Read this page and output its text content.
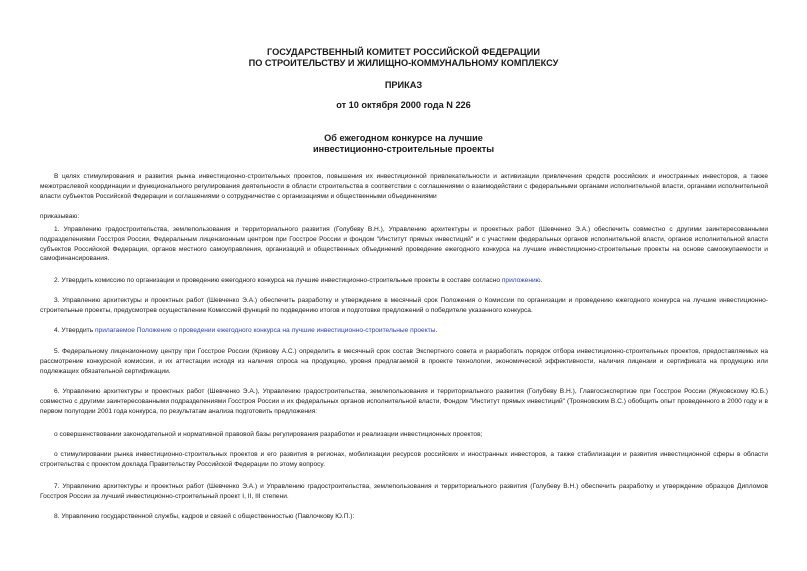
ГОСУДАРСТВЕННЫЙ КОМИТЕТ РОССИЙСКОЙ ФЕДЕРАЦИИ
ПО СТРОИТЕЛЬСТВУ И ЖИЛИЩНО-КОММУНАЛЬНОМУ КОМПЛЕКСУ
ПРИКАЗ
от 10 октября 2000 года N 226
Об ежегодном конкурсе на лучшие
инвестиционно-строительные проекты

В целях стимулирования и развития рынка инвестиционно-строительных проектов, повышения их инвестиционной привлекательности и активизации привлечения средств российских и иностранных инвесторов, а также межотраслевой координации и функционального регулирования деятельности в области строительства в соответствии с соглашениями о взаимодействии с федеральными органами исполнительной власти, органами исполнительной власти субъектов Российской Федерации и соглашениями о сотрудничестве с организациями и общественными объединениями

приказываю:

1. Управлению градостроительства, землепользования и территориального развития (Голубеву В.Н.), Управлению архитектуры и проектных работ (Шевченко Э.А.) обеспечить совместно с другими заинтересованными подразделениями Госстроя России, Федеральным лицензионным центром при Госстрое России и фондом "Институт прямых инвестиций" и с участием федеральных органов исполнительной власти, органов исполнительной власти субъектов Российской Федерации, органов местного самоуправления, организаций и общественных объединений проведение ежегодного конкурса на лучшие инвестиционно-строительные проекты на основе самоокупаемости и самофинансирования.

2. Утвердить комиссию по организации и проведению ежегодного конкурса на лучшие инвестиционно-строительные проекты в составе согласно приложению.

3. Управлению архитектуры и проектных работ (Шевченко Э.А.) обеспечить разработку и утверждение в месячный срок Положения о Комиссии по организации и проведению ежегодного конкурса на лучшие инвестиционно-строительные проекты, предусмотрев осуществление Комиссией функций по подведению итогов и подготовке предложений о победителе указанного конкурса.

4. Утвердить прилагаемое Положение о проведении ежегодного конкурса на лучшие инвестиционно-строительные проекты.

5. Федеральному лицензионному центру при Госстрое России (Кривову А.С.) определить в месячный срок состав Экспертного совета и разработать порядок отбора инвестиционно-строительных проектов, предоставляемых на рассмотрение конкурсной комиссии, и их аттестации исходя из наличия спроса на продукцию, уровня предлагаемой в проекте технологии, экономической эффективности, наличия лицензии и сертификата на продукцию или подлежащих обязательной сертификации.

6. Управлению архитектуры и проектных работ (Шевченко Э.А.), Управлению градостроительства, землепользования и территориального развития (Голубеву В.Н.), Главгосэкспертизе при Госстрое России (Жуковскому Ю.Б.) совместно с другими заинтересованными подразделениями Госстроя России и их федеральных органов исполнительной власти, Фондом "Институт прямых инвестиций" (Трояновским В.С.) обобщить опыт проведенного в 2000 году и в первом полугодии 2001 года конкурса, по результатам анализа подготовить предложения:

о совершенствовании законодательной и нормативной правовой базы регулирования разработки и реализации инвестиционных проектов;

о стимулировании рынка инвестиционно-строительных проектов и его развития в регионах, мобилизации ресурсов российских и иностранных инвесторов, а также стабилизации и развития инвестиционной сферы в области строительства с проектом доклада Правительству Российской Федерации по этому вопросу.

7. Управлению архитектуры и проектных работ (Шевченко Э.А.) и Управлению градостроительства, землепользования и территориального развития (Голубеву В.Н.) обеспечить разработку и утверждение образцов Дипломов Госстроя России за лучший инвестиционно-строительный проект I, II, III степени.

8. Управлению государственной службы, кадров и связей с общественностью (Павлочкову Ю.П.):
